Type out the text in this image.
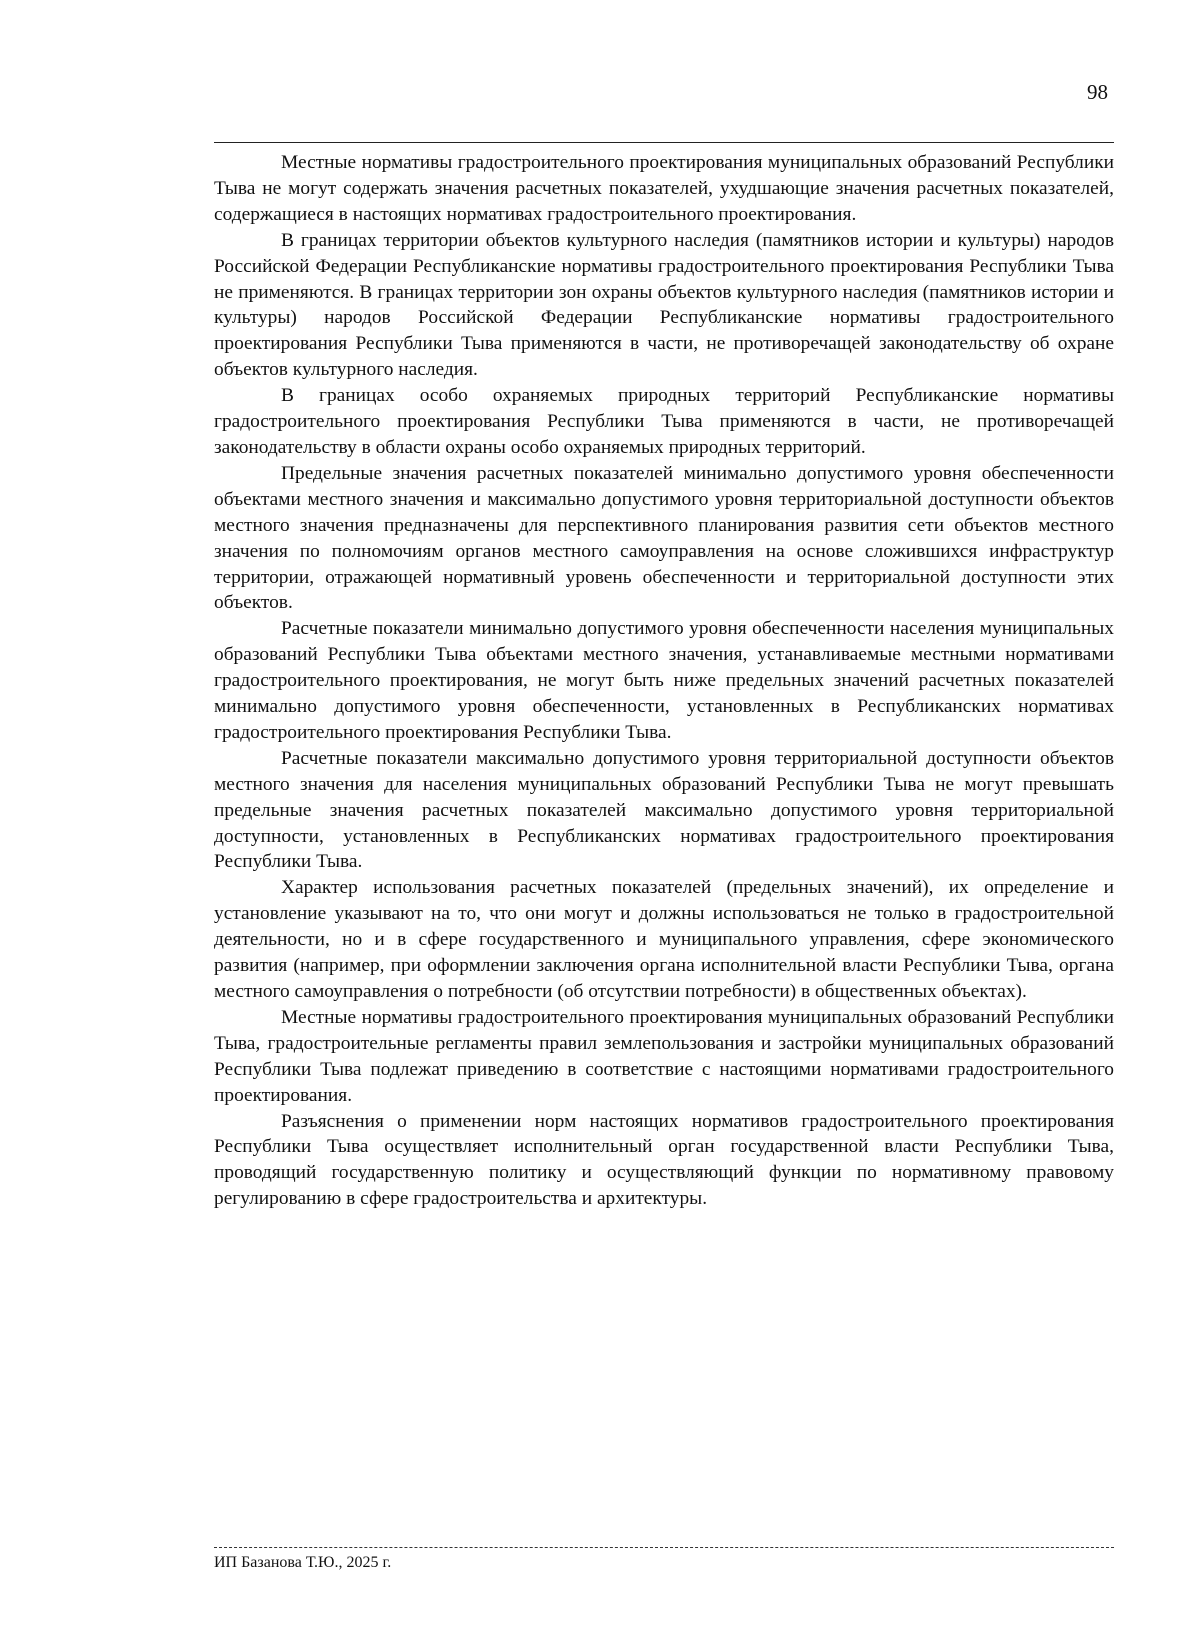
98

Местные нормативы градостроительного проектирования муниципальных образований Республики Тыва не могут содержать значения расчетных показателей, ухудшающие значения расчетных показателей, содержащиеся в настоящих нормативах градостроительного проектирования.

В границах территории объектов культурного наследия (памятников истории и культуры) народов Российской Федерации Республиканские нормативы градостроительного проектирования Республики Тыва не применяются. В границах территории зон охраны объектов культурного наследия (памятников истории и культуры) народов Российской Федерации Республиканские нормативы градостроительного проектирования Республики Тыва применяются в части, не противоречащей законодательству об охране объектов культурного наследия.

В границах особо охраняемых природных территорий Республиканские нормативы градостроительного проектирования Республики Тыва применяются в части, не противоречащей законодательству в области охраны особо охраняемых природных территорий.

Предельные значения расчетных показателей минимально допустимого уровня обеспеченности объектами местного значения и максимально допустимого уровня территориальной доступности объектов местного значения предназначены для перспективного планирования развития сети объектов местного значения по полномочиям органов местного самоуправления на основе сложившихся инфраструктур территории, отражающей нормативный уровень обеспеченности и территориальной доступности этих объектов.

Расчетные показатели минимально допустимого уровня обеспеченности населения муниципальных образований Республики Тыва объектами местного значения, устанавливаемые местными нормативами градостроительного проектирования, не могут быть ниже предельных значений расчетных показателей минимально допустимого уровня обеспеченности, установленных в Республиканских нормативах градостроительного проектирования Республики Тыва.

Расчетные показатели максимально допустимого уровня территориальной доступности объектов местного значения для населения муниципальных образований Республики Тыва не могут превышать предельные значения расчетных показателей максимально допустимого уровня территориальной доступности, установленных в Республиканских нормативах градостроительного проектирования Республики Тыва.

Характер использования расчетных показателей (предельных значений), их определение и установление указывают на то, что они могут и должны использоваться не только в градостроительной деятельности, но и в сфере государственного и муниципального управления, сфере экономического развития (например, при оформлении заключения органа исполнительной власти Республики Тыва, органа местного самоуправления о потребности (об отсутствии потребности) в общественных объектах).

Местные нормативы градостроительного проектирования муниципальных образований Республики Тыва, градостроительные регламенты правил землепользования и застройки муниципальных образований Республики Тыва подлежат приведению в соответствие с настоящими нормативами градостроительного проектирования.

Разъяснения о применении норм настоящих нормативов градостроительного проектирования Республики Тыва осуществляет исполнительный орган государственной власти Республики Тыва, проводящий государственную политику и осуществляющий функции по нормативному правовому регулированию в сфере градостроительства и архитектуры.

ИП Базанова Т.Ю., 2025 г.
